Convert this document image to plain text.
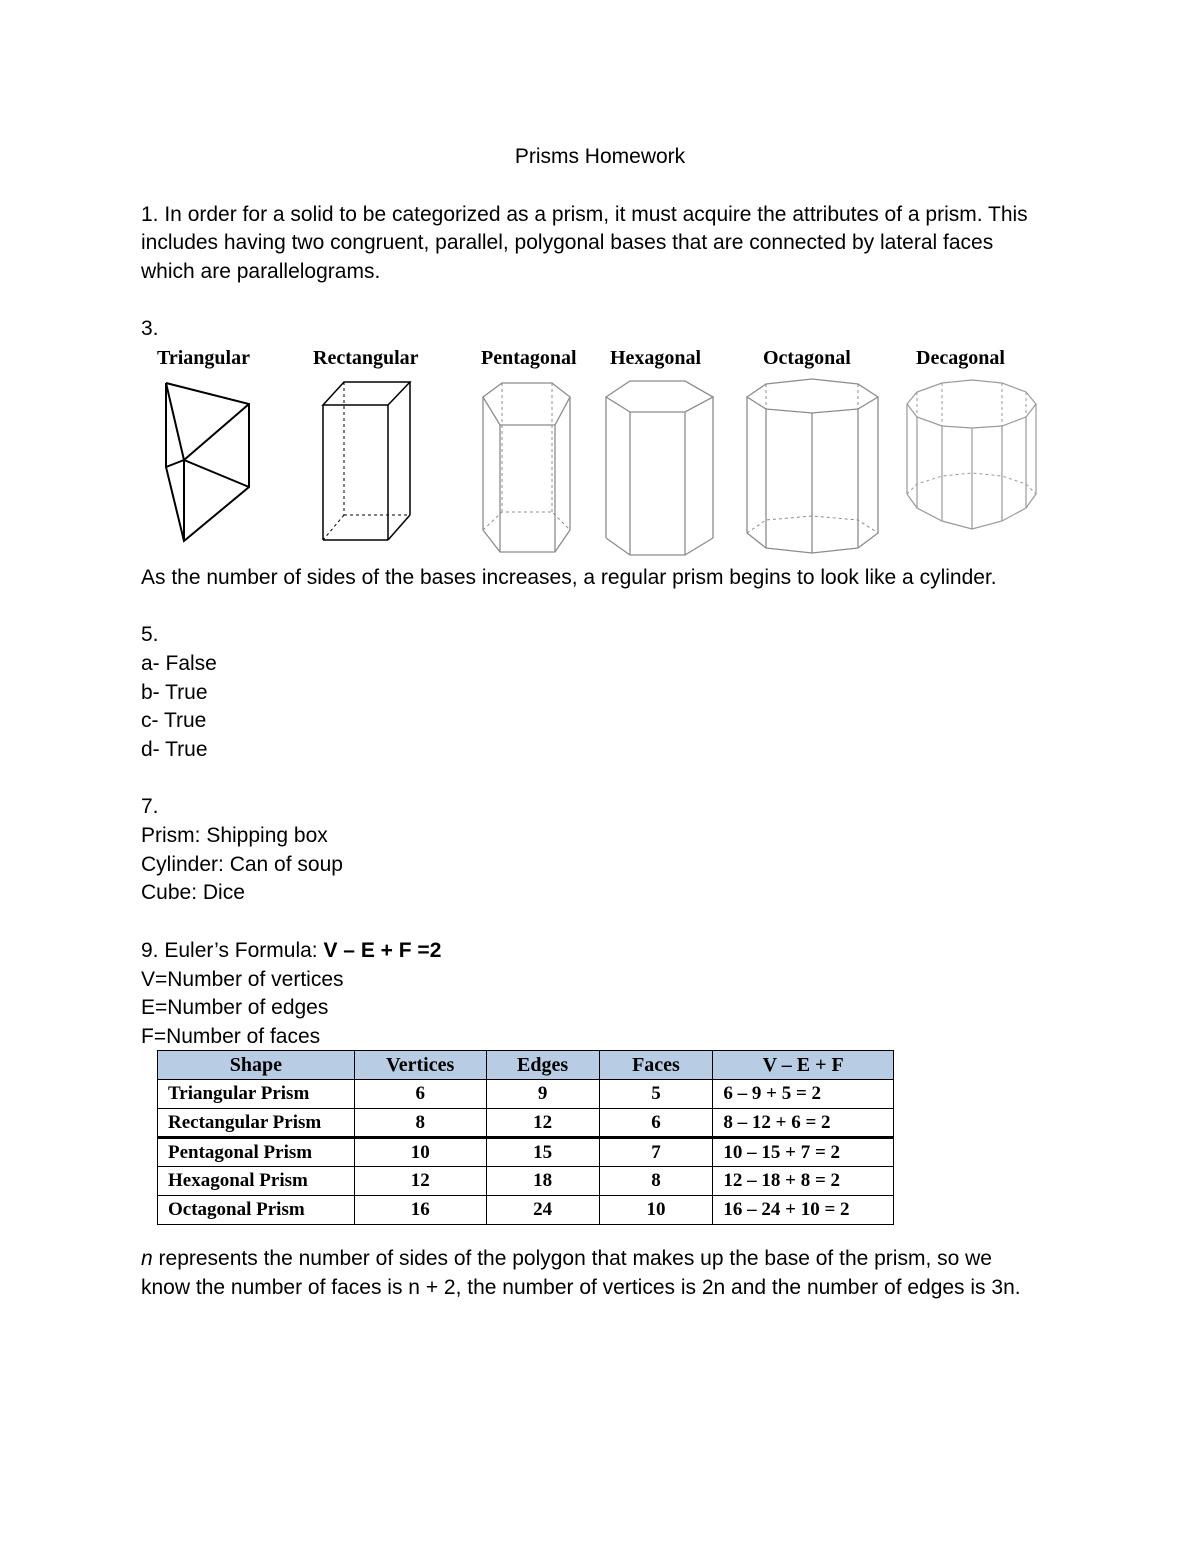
Prisms Homework
1. In order for a solid to be categorized as a prism, it must acquire the attributes of a prism. This
includes having two congruent, parallel, polygonal bases that are connected by lateral faces
which are parallelograms.
3.
Triangular	Rectangular	Pentagonal Hexagonal	Octagonal	Decagonal
As the number of sides of the bases increases, a regular prism begins to look like a cylinder.
5.
a- False
b- True
c- True
d- True
7.
Prism: Shipping box
Cylinder: Can of soup
Cube: Dice
9. Euler’s Formula: V – E + F =2
V=Number of vertices
E=Number of edges
F=Number of faces
Shape	Vertices	Edges	Faces	V – E + F
Triangular Prism	6	9	5	6 – 9 + 5 = 2
Rectangular Prism	8	12	6	8 – 12 + 6 = 2
Pentagonal Prism	10	15	7	10 – 15 + 7 = 2
Hexagonal Prism	12	18	8	12 – 18 + 8 = 2
Octagonal Prism	16	24	10	16 – 24 + 10 = 2
n represents the number of sides of the polygon that makes up the base of the prism, so we
know the number of faces is n + 2, the number of vertices is 2n and the number of edges is 3n.
